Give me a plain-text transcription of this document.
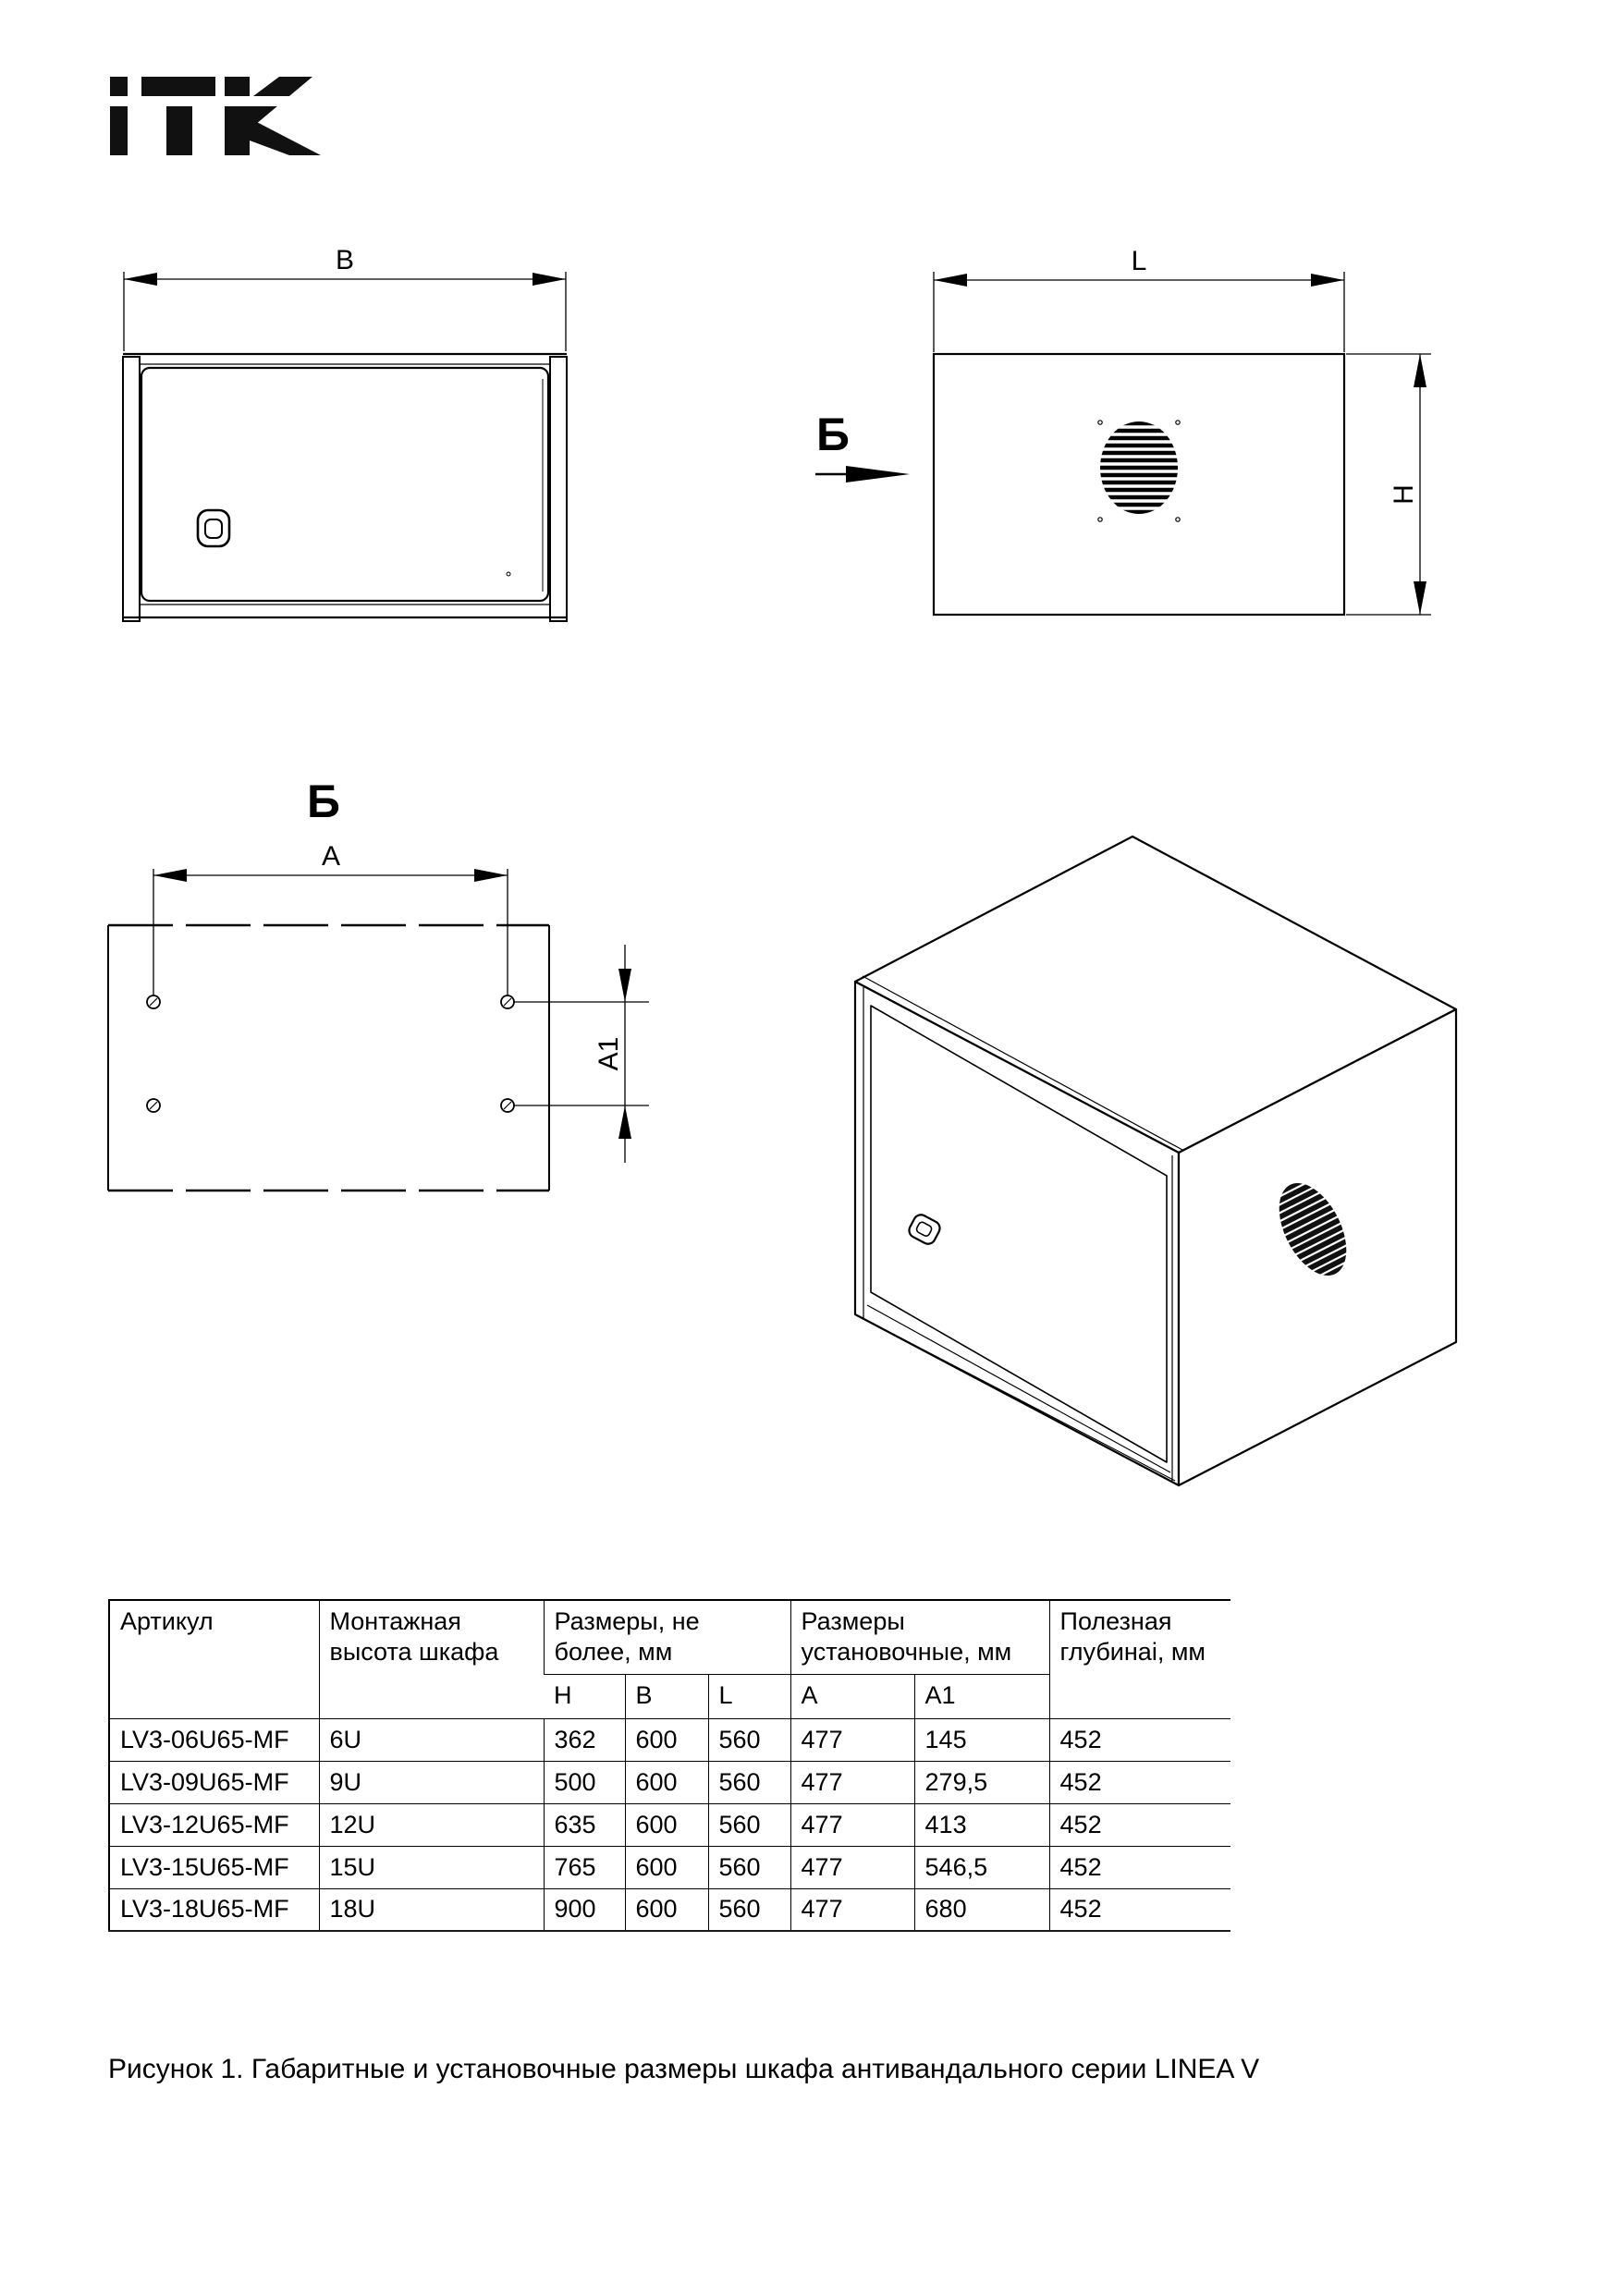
B	L
Б
H
Б
A
A1
Артикул	Монтажная высота шкафа	Размеры, не более, мм			Размеры установочные, мм		Полезная глубинаi, мм
		H	B	L	A	A1	
LV3-06U65-MF	6U	362	600	560	477	145	452
LV3-09U65-MF	9U	500	600	560	477	279,5	452
LV3-12U65-MF	12U	635	600	560	477	413	452
LV3-15U65-MF	15U	765	600	560	477	546,5	452
LV3-18U65-MF	18U	900	600	560	477	680	452
Рисунок 1. Габаритные и установочные размеры шкафа антивандального серии LINEA V
